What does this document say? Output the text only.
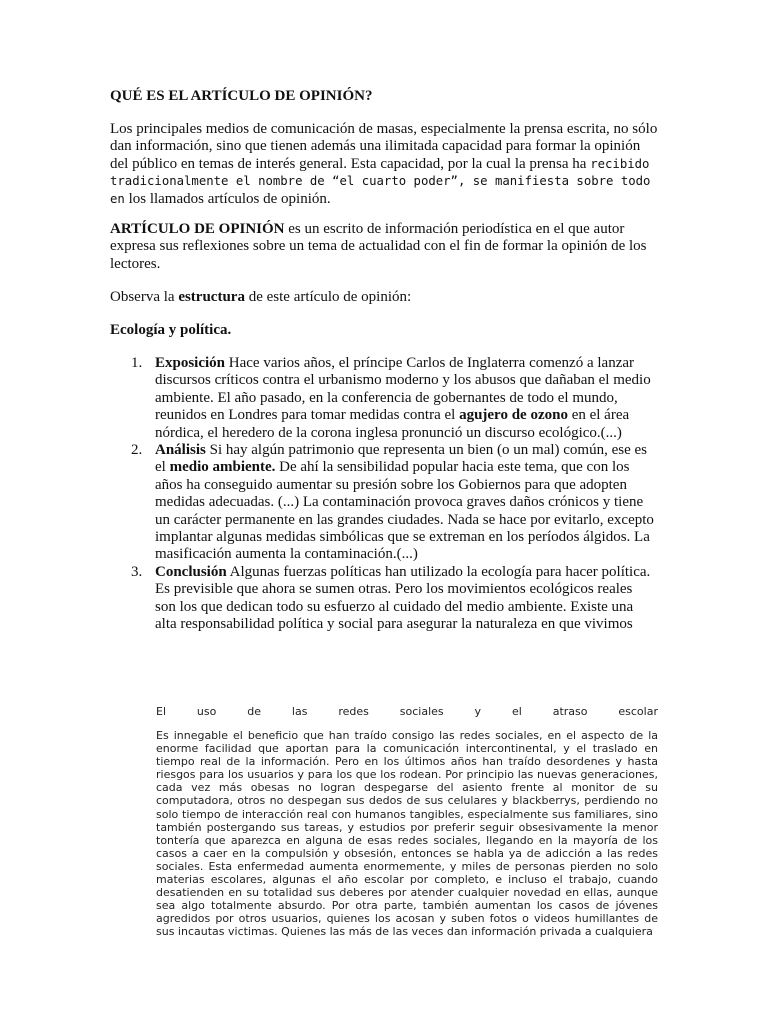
QUÉ ES EL ARTÍCULO DE OPINIÓN?
Los principales medios de comunicación de masas, especialmente la prensa escrita, no sólo dan información, sino que tienen además una ilimitada capacidad para formar la opinión del público en temas de interés general. Esta capacidad, por la cual la prensa ha recibido tradicionalmente el nombre de “el cuarto poder”, se manifiesta sobre todo en los llamados artículos de opinión.
ARTÍCULO DE OPINIÓN es un escrito de información periodística en el que autor expresa sus reflexiones sobre un tema de actualidad con el fin de formar la opinión de los lectores.
Observa la estructura de este artículo de opinión:
Ecología y política.
1. Exposición Hace varios años, el príncipe Carlos de Inglaterra comenzó a lanzar discursos críticos contra el urbanismo moderno y los abusos que dañaban el medio ambiente. El año pasado, en la conferencia de gobernantes de todo el mundo, reunidos en Londres para tomar medidas contra el agujero de ozono en el área nórdica, el heredero de la corona inglesa pronunció un discurso ecológico.(...)
2. Análisis Si hay algún patrimonio que representa un bien (o un mal) común, ese es el medio ambiente. De ahí la sensibilidad popular hacia este tema, que con los años ha conseguido aumentar su presión sobre los Gobiernos para que adopten medidas adecuadas. (...) La contaminación provoca graves daños crónicos y tiene un carácter permanente en las grandes ciudades. Nada se hace por evitarlo, excepto implantar algunas medidas simbólicas que se extreman en los períodos álgidos. La masificación aumenta la contaminación.(...)
3. Conclusión Algunas fuerzas políticas han utilizado la ecología para hacer política. Es previsible que ahora se sumen otras. Pero los movimientos ecológicos reales son los que dedican todo su esfuerzo al cuidado del medio ambiente. Existe una alta responsabilidad política y social para asegurar la naturaleza en que vivimos
El uso de las redes sociales y el atraso escolar
Es innegable el beneficio que han traído consigo las redes sociales, en el aspecto de la enorme facilidad que aportan para la comunicación intercontinental, y el traslado en tiempo real de la información. Pero en los últimos años han traído desordenes y hasta riesgos para los usuarios y para los que los rodean. Por principio las nuevas generaciones, cada vez más obesas no logran despegarse del asiento frente al monitor de su computadora, otros no despegan sus dedos de sus celulares y blackberrys, perdiendo no solo tiempo de interacción real con humanos tangibles, especialmente sus familiares, sino también postergando sus tareas, y estudios por preferir seguir obsesivamente la menor tontería que aparezca en alguna de esas redes sociales, llegando en la mayoría de los casos a caer en la compulsión y obsesión, entonces se habla ya de adicción a las redes sociales. Esta enfermedad aumenta enormemente, y miles de personas pierden no solo materias escolares, algunas el año escolar por completo, e incluso el trabajo, cuando desatienden en su totalidad sus deberes por atender cualquier novedad en ellas, aunque sea algo totalmente absurdo. Por otra parte, también aumentan los casos de jóvenes agredidos por otros usuarios, quienes los acosan y suben fotos o videos humillantes de sus incautas victimas. Quienes las más de las veces dan información privada a cualquiera
